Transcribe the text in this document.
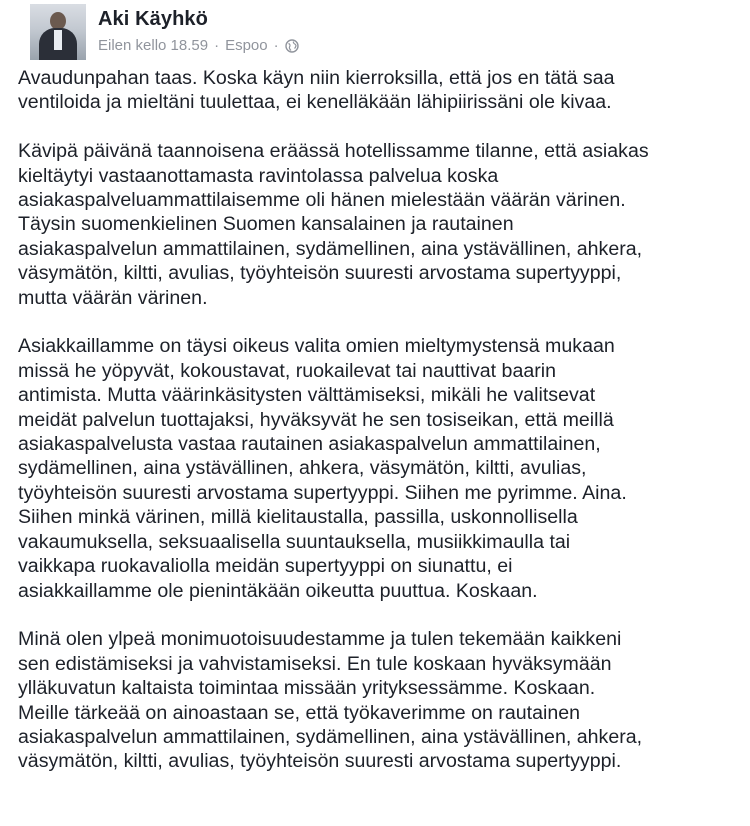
Aki Käyhkö
Eilen kello 18.59 · Espoo ·
Avaudunpahan taas. Koska käyn niin kierroksilla, että jos en tätä saa
ventiloida ja mieltäni tuulettaa, ei kenelläkään lähipiirissäni ole kivaa.
Kävipä päivänä taannoisena eräässä hotellissamme tilanne, että asiakas
kieltäytyi vastaanottamasta ravintolassa palvelua koska
asiakaspalveluammattilaisemme oli hänen mielestään väärän värinen.
Täysin suomenkielinen Suomen kansalainen ja rautainen
asiakaspalvelun ammattilainen, sydämellinen, aina ystävällinen, ahkera,
väsymätön, kiltti, avulias, työyhteisön suuresti arvostama supertyyppi,
mutta väärän värinen.
Asiakkaillamme on täysi oikeus valita omien mieltymystensä mukaan
missä he yöpyvät, kokoustavat, ruokailevat tai nauttivat baarin
antimista. Mutta väärinkäsitysten välttämiseksi, mikäli he valitsevat
meidät palvelun tuottajaksi, hyväksyvät he sen tosiseikan, että meillä
asiakaspalvelusta vastaa rautainen asiakaspalvelun ammattilainen,
sydämellinen, aina ystävällinen, ahkera, väsymätön, kiltti, avulias,
työyhteisön suuresti arvostama supertyyppi. Siihen me pyrimme. Aina.
Siihen minkä värinen, millä kielitaustalla, passilla, uskonnollisella
vakaumuksella, seksuaalisella suuntauksella, musiikkimaulla tai
vaikkapa ruokavaliolla meidän supertyyppi on siunattu, ei
asiakkaillamme ole pienintäkään oikeutta puuttua. Koskaan.
Minä olen ylpeä monimuotoisuudestamme ja tulen tekemään kaikkeni
sen edistämiseksi ja vahvistamiseksi. En tule koskaan hyväksymään
ylläkuvatun kaltaista toimintaa missään yrityksessämme. Koskaan.
Meille tärkeää on ainoastaan se, että työkaverimme on rautainen
asiakaspalvelun ammattilainen, sydämellinen, aina ystävällinen, ahkera,
väsymätön, kiltti, avulias, työyhteisön suuresti arvostama supertyyppi.
